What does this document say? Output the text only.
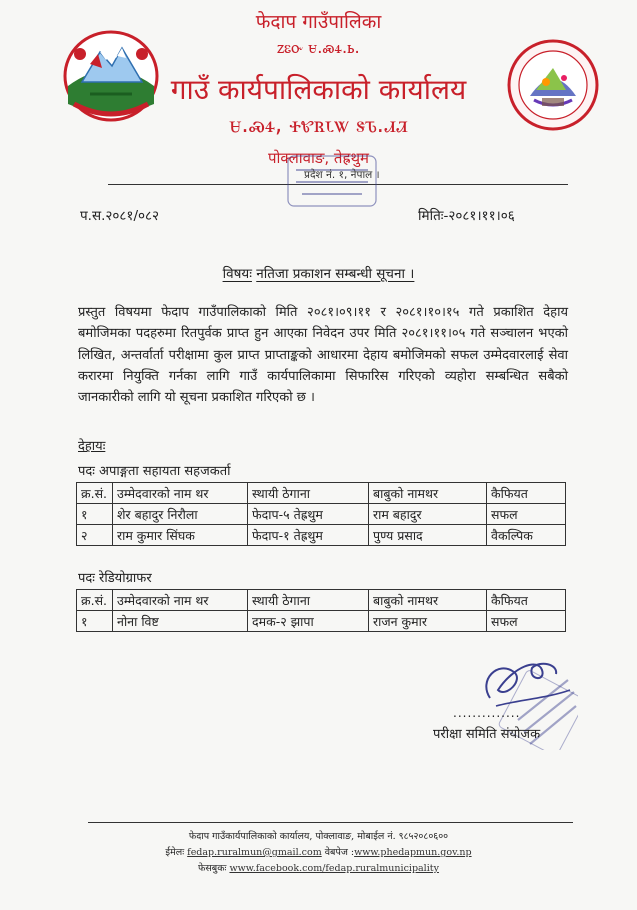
फेदाप गाउँपालिका
ꮓꮛꮕ ꮜ.ꮝꮞ.ꮟ.
गाउँ कार्यपालिकाको कार्यालय
ꮜ.ꮝꮞ, ꮠꮡꮢꮣꮤ ꮥꮦ.ꮧꮨ
पोक्लावाङ, तेह्रथुम
प्रदेश नं. १, नेपाल ।
प.स.२०८१/०८२	मितिः-२०८१।११।०६
विषयः नतिजा प्रकाशन सम्बन्धी सूचना ।
प्रस्तुत विषयमा फेदाप गाउँपालिकाको मिति २०८१।०९।११ र २०८१।१०।१५ गते प्रकाशित देहाय बमोजिमका पदहरुमा रितपुर्वक प्राप्त हुन आएका निवेदन उपर मिति २०८१।११।०५ गते सञ्चालन भएको लिखित, अन्तर्वार्ता परीक्षामा कुल प्राप्त प्राप्ताङ्कको आधारमा देहाय बमोजिमको सफल उम्मेदवारलाई सेवा करारमा नियुक्ति गर्नका लागि गाउँ कार्यपालिकामा सिफारिस गरिएको व्यहोरा सम्बन्धित सबैको जानकारीको लागि यो सूचना प्रकाशित गरिएको छ ।
देहायः
पदः अपाङ्गता सहायता सहजकर्ता
क्र.सं.	उम्मेदवारको नाम थर	स्थायी ठेगाना	बाबुको नामथर	कैफियत
१	शेर बहादुर निरौला	फेदाप-५ तेह्रथुम	राम बहादुर	सफल
२	राम कुमार सिंघक	फेदाप-१ तेह्रथुम	पुण्य प्रसाद	वैकल्पिक
पदः रेडियोग्राफर
क्र.सं.	उम्मेदवारको नाम थर	स्थायी ठेगाना	बाबुको नामथर	कैफियत
१	नोना विष्ट	दमक-२ झापा	राजन कुमार	सफल
..............
परीक्षा समिति संयोजक
फेदाप गाउँकार्यपालिकाको कार्यालय, पोक्लावाङ, मोबाईल नं. ९८५२०८०६००
ईमेलः fedap.ruralmun@gmail.com वेबपेज :www.phedapmun.gov.np
फेसबुकः www.facebook.com/fedap.ruralmunicipality
